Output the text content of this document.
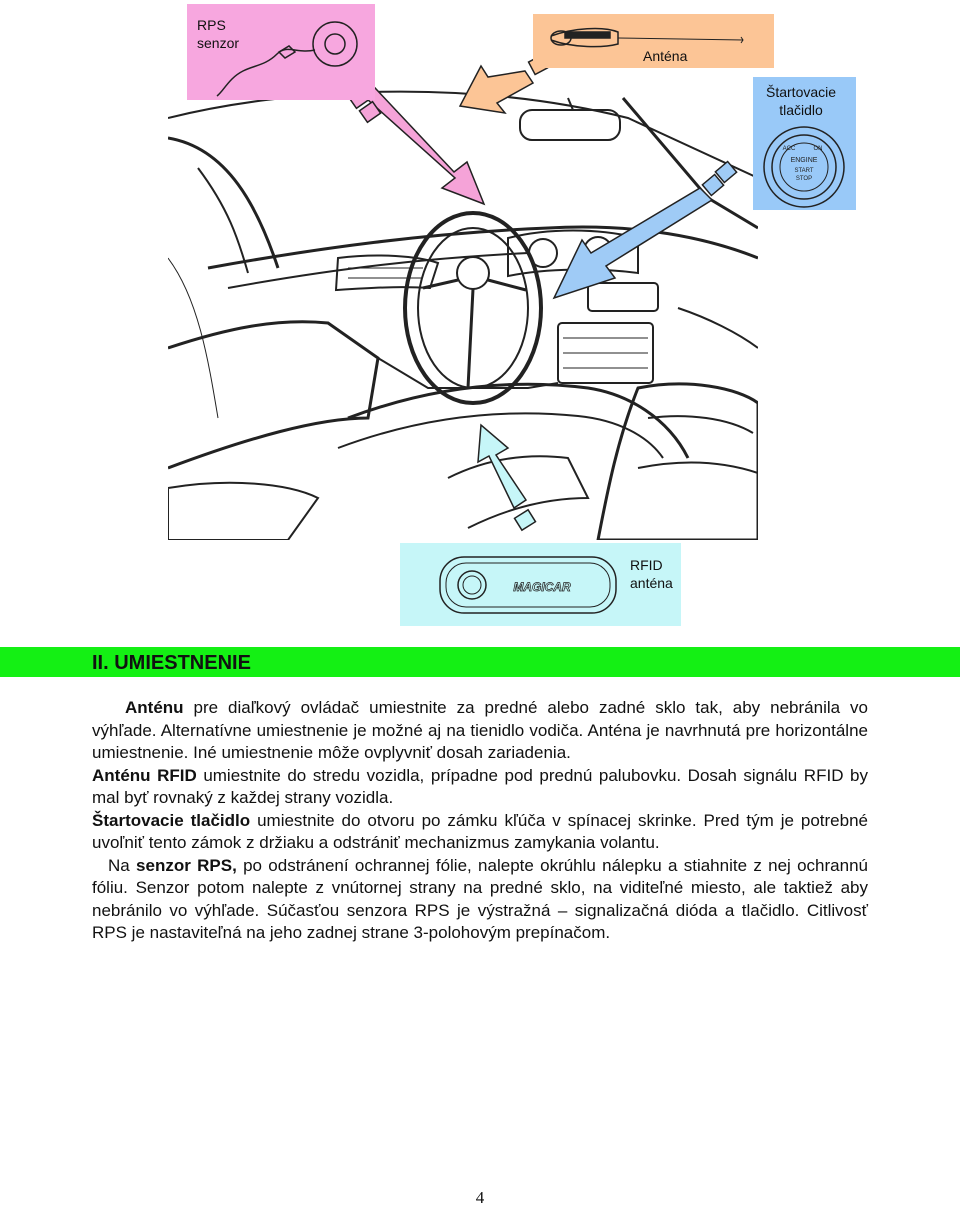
RPS
senzor
Anténa
Štartovacie
tlačidlo
ACC	ON
ENGINE
START
STOP
MAGICAR
RFID
anténa
II. UMIESTNENIE

Anténu pre diaľkový ovládač umiestnite za predné alebo zadné sklo tak, aby nebránila vo výhľade. Alternatívne umiestnenie je možné aj na tienidlo vodiča. Anténa je navrhnutá pre horizontálne umiestnenie. Iné umiestnenie môže ovplyvniť dosah zariadenia.

Anténu RFID umiestnite do stredu vozidla, prípadne pod prednú palubovku. Dosah signálu RFID by mal byť rovnaký z každej strany vozidla.

Štartovacie tlačidlo umiestnite do otvoru po zámku kľúča v spínacej skrinke. Pred tým je potrebné uvoľniť tento zámok z držiaku a odstrániť mechanizmus zamykania volantu.

Na senzor RPS, po odstránení ochrannej fólie, nalepte okrúhlu nálepku a stiahnite z nej ochrannú fóliu. Senzor potom nalepte z vnútornej strany na predné sklo, na viditeľné miesto, ale taktiež aby nebránilo vo výhľade. Súčasťou senzora RPS je výstražná – signalizačná dióda a tlačidlo. Citlivosť RPS je nastaviteľná na jeho zadnej strane 3-polohovým prepínačom.

4
